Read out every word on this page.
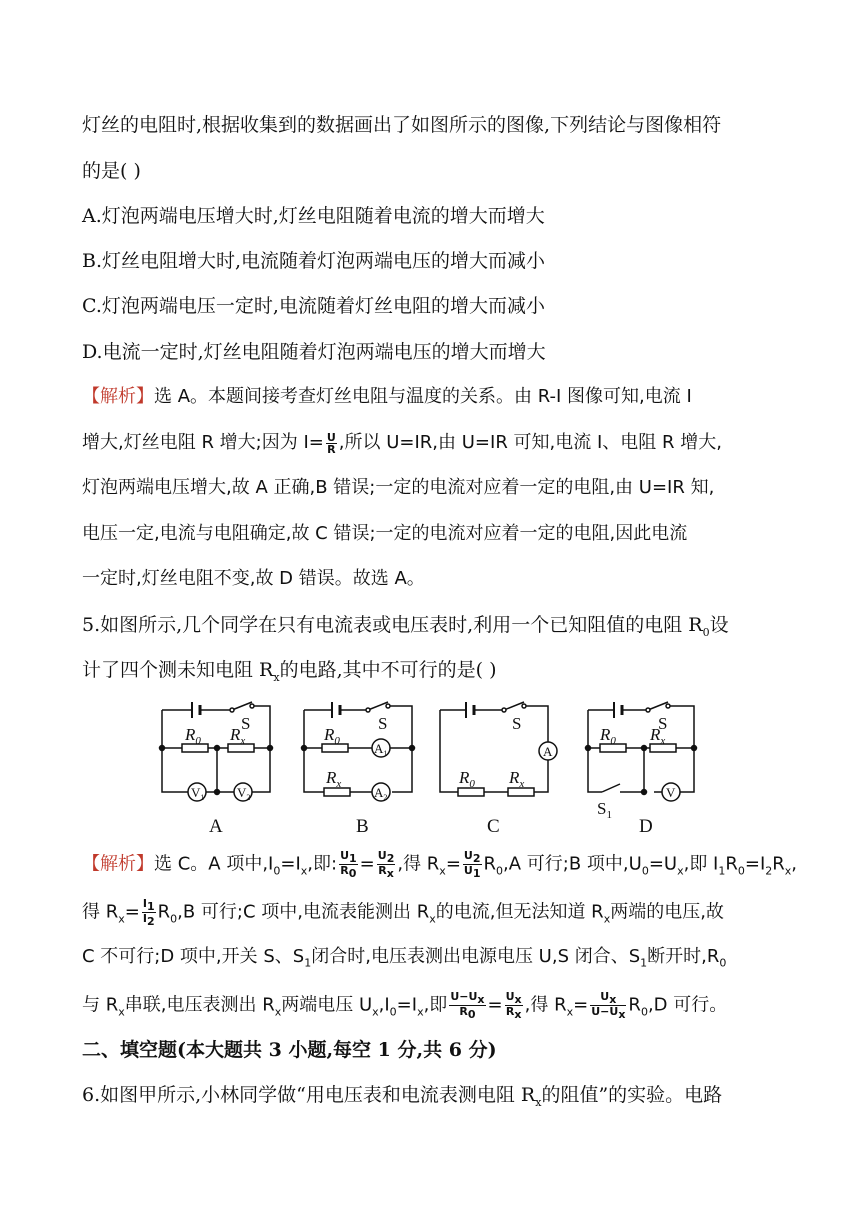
灯丝的电阻时,根据收集到的数据画出了如图所示的图像,下列结论与图像相符
的是( )
A.灯泡两端电压增大时,灯丝电阻随着电流的增大而增大
B.灯丝电阻增大时,电流随着灯泡两端电压的增大而减小
C.灯泡两端电压一定时,电流随着灯丝电阻的增大而减小
D.电流一定时,灯丝电阻随着灯泡两端电压的增大而增大
【解析】选 A。本题间接考查灯丝电阻与温度的关系。由 R-I 图像可知,电流 I
增大,灯丝电阻 R 增大;因为 $I= \frac{U}{R}$ ,所以 U=IR,由 U=IR 可知,电流 I、电阻 R 增大,
灯泡两端电压增大,故 A 正确,B 错误;一定的电流对应着一定的电阻,由 U=IR 知,
电压一定,电流与电阻确定,故 C 错误;一定的电流对应着一定的电阻,因此电流
一定时,灯丝电阻不变,故 D 错误。故选 A。
5.如图所示,几个同学在只有电流表或电压表时,利用一个已知阻值的电阻 $R_0$设
计了四个测未知电阻 $R_x$的电路,其中不可行的是( )
S
$R_0$ $R_x$
$V_1$	$V_2$
A
S
$R_0$
$R_x$
$A_1$
$A_2$
B
S
$R_0$ $R_x$
A
C
S
$R_0$ $R_x$
$S_1$
V
D
【解析】选 C。A 项中$,I_0=I_x$,即: $\frac{U_1}{R_0} = \frac{U_2}{R_x}$ ,得 $R_x= \frac{U_2}{U_1} R_0,A$ 可行;B 项中$,U_0=U_x$,即 $I_1R_0=I_2R_x$,
得 $R_x= \frac{I_1}{I_2} R_0,B$ 可行;C 项中,电流表能测出 $R_x$的电流,但无法知道 $R_x$两端的电压,故
C 不可行;D 项中,开关 S、$S_1$闭合时,电压表测出电源电压 U,S 闭合、$S_1$断开时$,R_0$
与 $R_x$串联,电压表测出 $R_x$两端电压 $U_x,I_0=I_x$,即 $\frac{U-U_x}{R_0} = \frac{U_x}{R_x}$ ,得 $R_x= \frac{U_x}{U-U_x} R_0,D$ 可行。
二、填空题(本大题共 3 小题,每空 1 分,共 6 分)
6.如图甲所示,小林同学做“用电压表和电流表测电阻 $R_x$的阻值”的实验。电路
